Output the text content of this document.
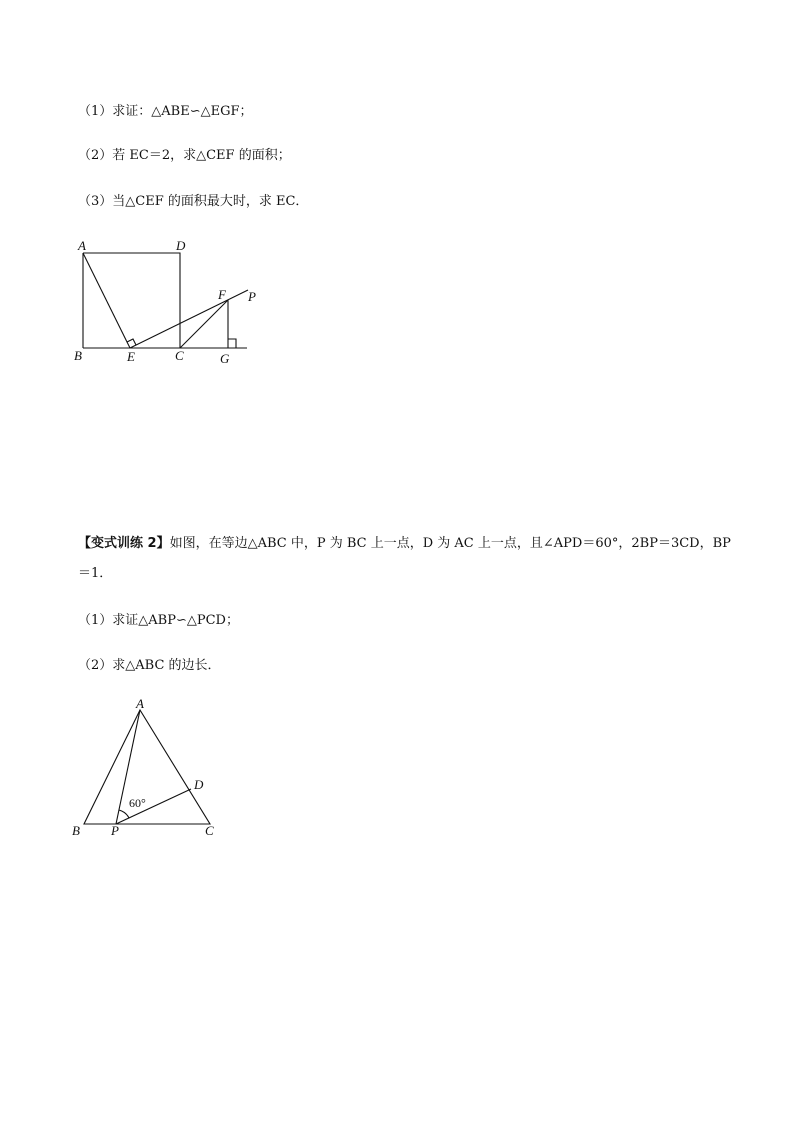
（1）求证：△ABE∽△EGF；
（2）若 EC＝2，求△CEF 的面积；
（3）当△CEF 的面积最大时，求 EC．
A	D
F P
B	E	C	G
【变式训练 2】如图，在等边△ABC 中，P 为 BC 上一点，D 为 AC 上一点，且∠APD＝60°，2BP＝3CD，BP
＝1．
（1）求证△ABP∽△PCD；
（2）求△ABC 的边长．
A
D
B P	C
60°
